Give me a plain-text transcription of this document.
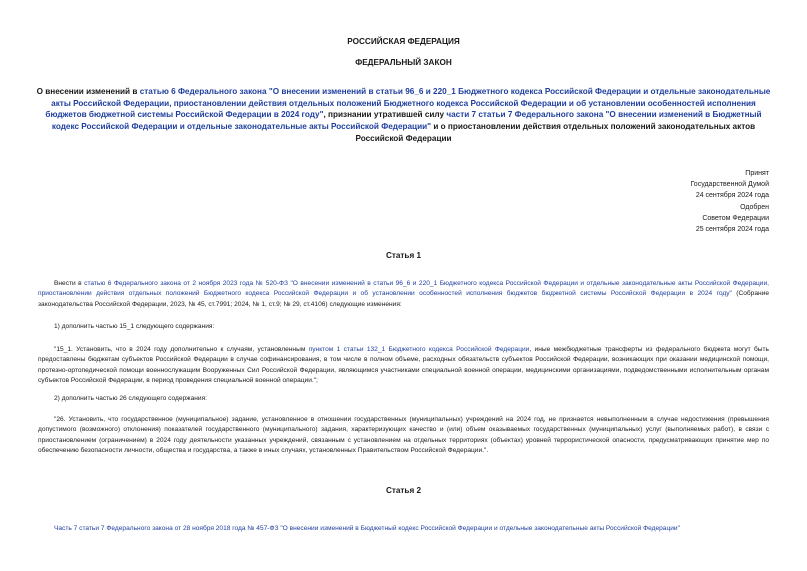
РОССИЙСКАЯ ФЕДЕРАЦИЯ
ФЕДЕРАЛЬНЫЙ ЗАКОН
О внесении изменений в статью 6 Федерального закона "О внесении изменений в статьи 96_6 и 220_1 Бюджетного кодекса Российской Федерации и отдельные законодательные акты Российской Федерации, приостановлении действия отдельных положений Бюджетного кодекса Российской Федерации и об установлении особенностей исполнения бюджетов бюджетной системы Российской Федерации в 2024 году", признании утратившей силу части 7 статьи 7 Федерального закона "О внесении изменений в Бюджетный кодекс Российской Федерации и отдельные законодательные акты Российской Федерации" и о приостановлении действия отдельных положений законодательных актов Российской Федерации
Принят
Государственной Думой
24 сентября 2024 года
Одобрен
Советом Федерации
25 сентября 2024 года
Статья 1
Внести в статью 6 Федерального закона от 2 ноября 2023 года № 520-ФЗ "О внесении изменений в статьи 96_6 и 220_1 Бюджетного кодекса Российской Федерации и отдельные законодательные акты Российской Федерации, приостановлении действия отдельных положений Бюджетного кодекса Российской Федерации и об установлении особенностей исполнения бюджетов бюджетной системы Российской Федерации в 2024 году" (Собрание законодательства Российской Федерации, 2023, № 45, ст.7991; 2024, № 1, ст.9; № 29, ст.4106) следующие изменения:
1) дополнить частью 15_1 следующего содержания:
"15_1. Установить, что в 2024 году дополнительно к случаям, установленным пунктом 1 статьи 132_1 Бюджетного кодекса Российской Федерации, иные межбюджетные трансферты из федерального бюджета могут быть предоставлены бюджетам субъектов Российской Федерации в случае софинансирования, в том числе в полном объеме, расходных обязательств субъектов Российской Федерации, возникающих при оказании медицинской помощи, протезно-ортопедической помощи военнослужащим Вооруженных Сил Российской Федерации, являющимся участниками специальной военной операции, медицинскими организациями, подведомственными исполнительным органам субъектов Российской Федерации, в период проведения специальной военной операции.";
2) дополнить частью 26 следующего содержания:
"26. Установить, что государственное (муниципальное) задание, установленное в отношении государственных (муниципальных) учреждений на 2024 год, не признается невыполненным в случае недостижения (превышения допустимого (возможного) отклонения) показателей государственного (муниципального) задания, характеризующих качество и (или) объем оказываемых государственных (муниципальных) услуг (выполняемых работ), в связи с приостановлением (ограничением) в 2024 году деятельности указанных учреждений, связанным с установлением на отдельных территориях (объектах) уровней террористической опасности, предусматривающих принятие мер по обеспечению безопасности личности, общества и государства, а также в иных случаях, установленных Правительством Российской Федерации.".
Статья 2
Часть 7 статьи 7 Федерального закона от 28 ноября 2018 года № 457-ФЗ "О внесении изменений в Бюджетный кодекс Российской Федерации и отдельные законодательные акты Российской Федерации"
